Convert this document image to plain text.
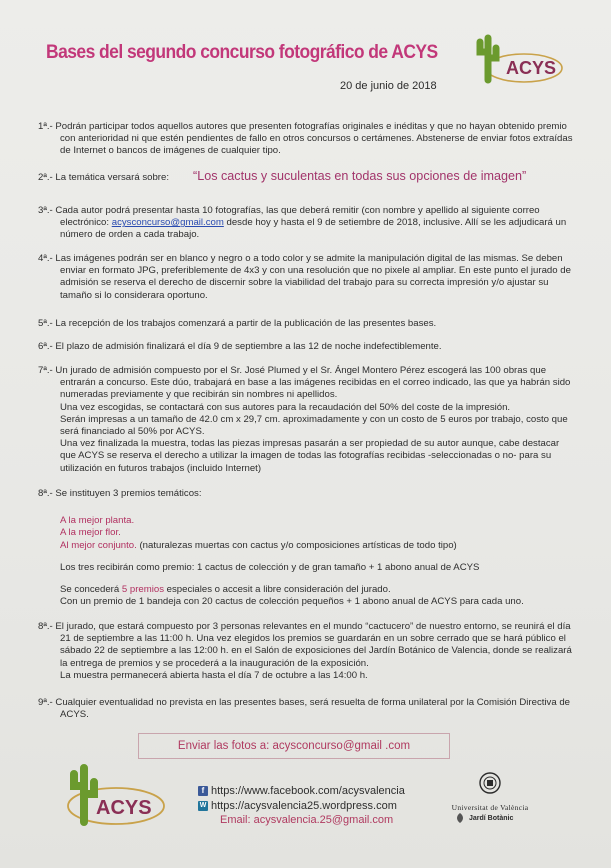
Bases del segundo concurso fotográfico de ACYS
20 de junio de 2018
ACYS

1ª.- Podrán participar todos aquellos autores que presenten fotografías originales e inéditas y que no hayan obtenido premio con anterioridad ni que estén pendientes de fallo en otros concursos o certámenes. Abstenerse de enviar fotos extraídas de Internet o bancos de imágenes de cualquier tipo.

2ª.- La temática versará sobre: “Los cactus y suculentas en todas sus opciones de imagen”

3ª.- Cada autor podrá presentar hasta 10 fotografías, las que deberá remitir (con nombre y apellido al siguiente correo electrónico: acysconcurso@gmail.com desde hoy y hasta el 9 de setiembre de 2018, inclusive. Allí se les adjudicará un número de orden a cada trabajo.

4ª.- Las imágenes podrán ser en blanco y negro o a todo color y se admite la manipulación digital de las mismas. Se deben enviar en formato JPG, preferiblemente de 4x3 y con una resolución que no pixele al ampliar. En este punto el jurado de admisión se reserva el derecho de discernir sobre la viabilidad del trabajo para su correcta impresión y/o ajustar su tamaño si lo considerara oportuno.

5ª.- La recepción de los trabajos comenzará a partir de la publicación de las presentes bases.

6ª.- El plazo de admisión finalizará el día 9 de septiembre a las 12 de noche indefectiblemente.

7ª.- Un jurado de admisión compuesto por el Sr. José Plumed y el Sr. Ángel Montero Pérez escogerá las 100 obras que entrarán a concurso. Este dúo, trabajará en base a las imágenes recibidas en el correo indicado, las que ya habrán sido numeradas previamente y que recibirán sin nombres ni apellidos.

Una vez escogidas, se contactará con sus autores para la recaudación del 50% del coste de la impresión.

Serán impresas a un tamaño de 42.0 cm x 29,7 cm. aproximadamente y con un costo de 5 euros por trabajo, costo que será financiado al 50% por ACYS.

Una vez finalizada la muestra, todas las piezas impresas pasarán a ser propiedad de su autor aunque, cabe destacar que ACYS se reserva el derecho a utilizar la imagen de todas las fotografías recibidas -seleccionadas o no- para su utilización en futuros trabajos (incluido Internet)

8ª.- Se instituyen 3 premios temáticos:

A la mejor planta.

A la mejor flor.

Al mejor conjunto. (naturalezas muertas con cactus y/o composiciones artísticas de todo tipo)

Los tres recibirán como premio: 1 cactus de colección y de gran tamaño + 1 abono anual de ACYS

Se concederá 5 premios especiales o accesit a libre consideración del jurado.

Con un premio de 1 bandeja con 20 cactus de colección pequeños + 1 abono anual de ACYS para cada uno.

8ª.- El jurado, que estará compuesto por 3 personas relevantes en el mundo “cactucero” de nuestro entorno, se reunirá el día 21 de septiembre a las 11:00 h. Una vez elegidos los premios se guardarán en un sobre cerrado que se hará público el sábado 22 de septiembre a las 12:00 h. en el Salón de exposiciones del Jardín Botánico de Valencia, donde se realizará la entrega de premios y se procederá a la inauguración de la exposición.

La muestra permanecerá abierta hasta el día 7 de octubre a las 14:00 h.

9ª.- Cualquier eventualidad no prevista en las presentes bases, será resuelta de forma unilateral por la Comisión Directiva de ACYS.

Enviar las fotos a: acysconcurso@gmail .com
ACYS
f https://www.facebook.com/acysvalencia
W https://acysvalencia25.wordpress.com
Email: acysvalencia.25@gmail.com
Universitat de València
Jardí Botànic
